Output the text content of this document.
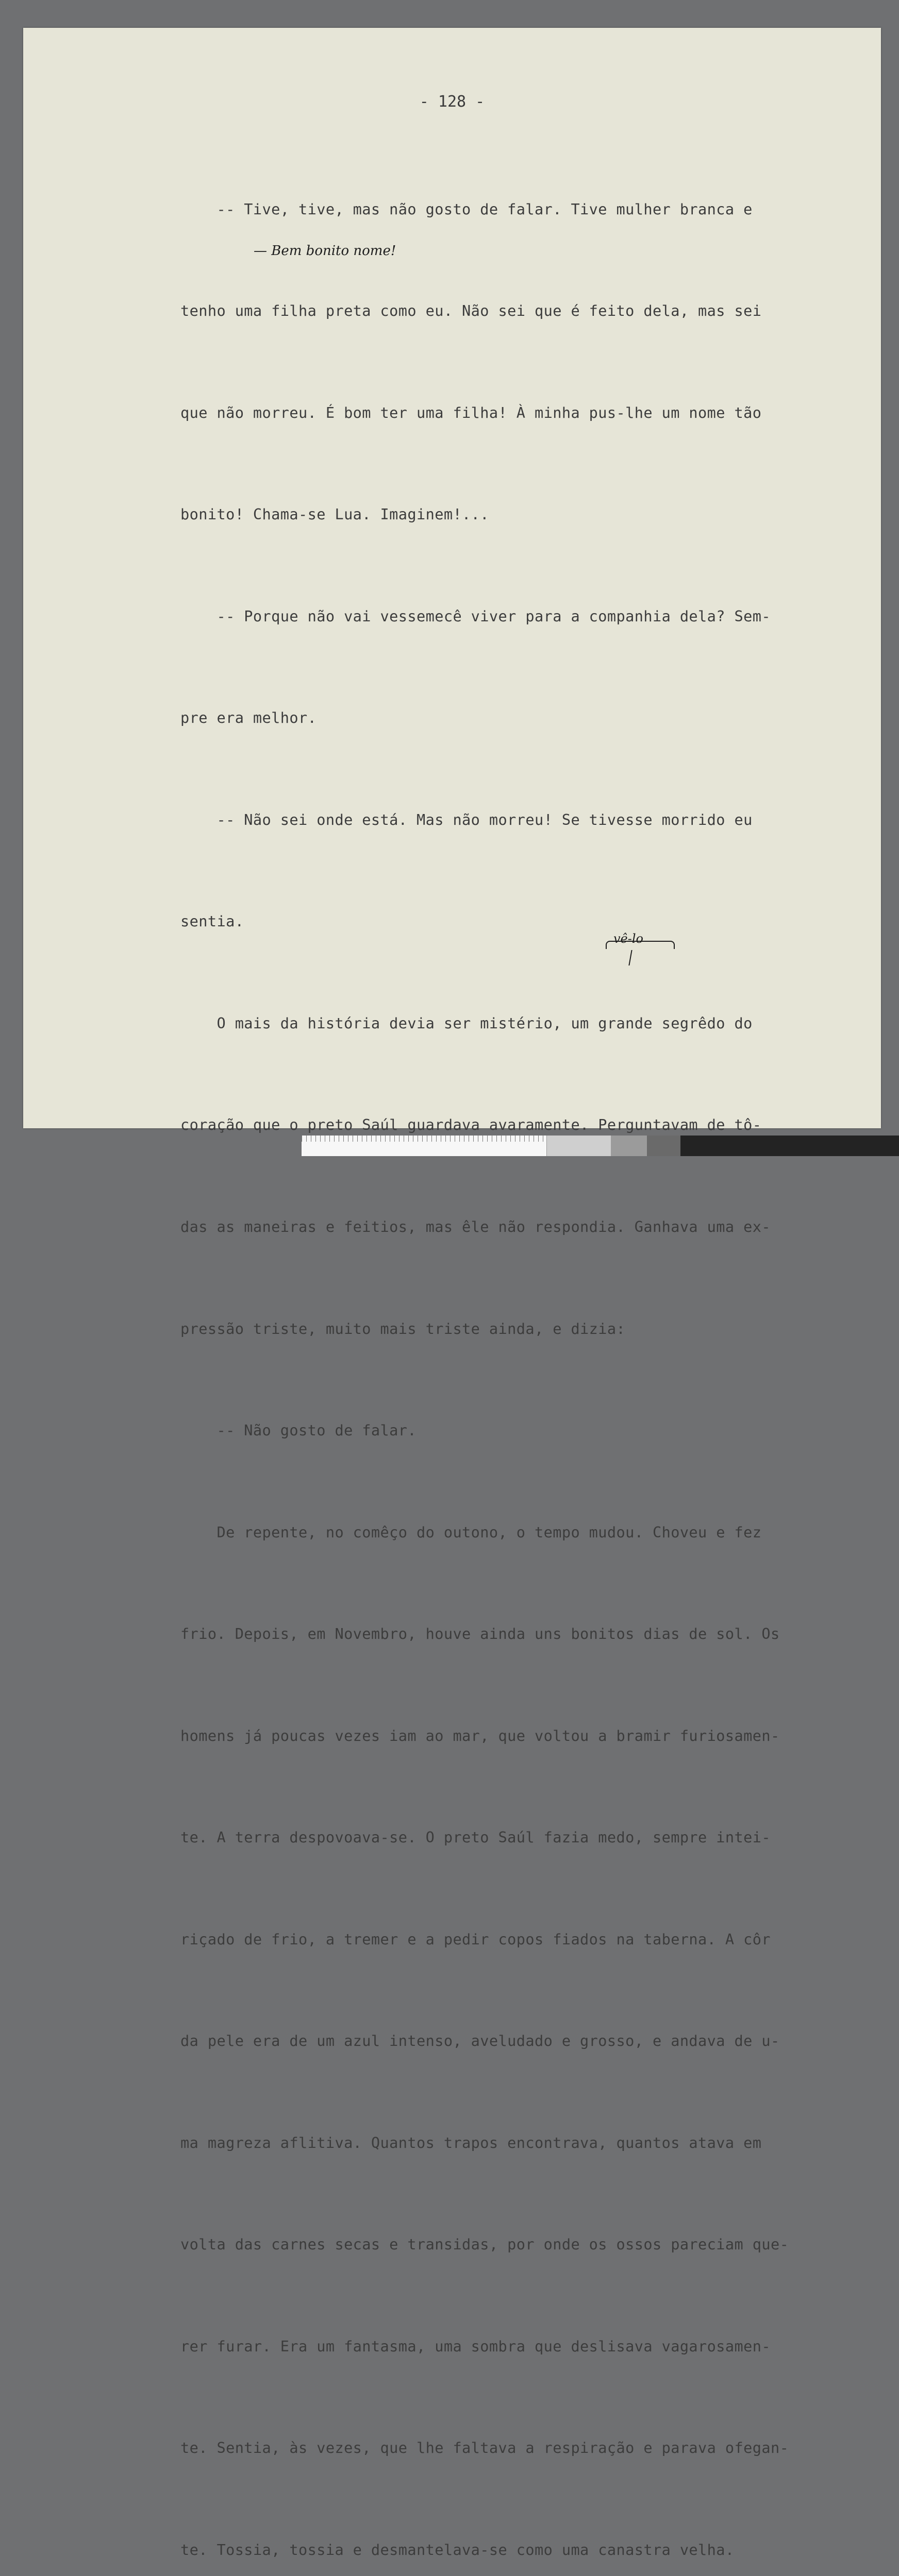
- 128 -

-- Tive, tive, mas não gosto de falar. Tive mulher branca e

tenho uma filha preta como eu. Não sei que é feito dela, mas sei

que não morreu. É bom ter uma filha! À minha pus-lhe um nome tão

bonito! Chama-se Lua. Imaginem!...

-- Porque não vai vessemecê viver para a companhia dela? Sem-

pre era melhor.

-- Não sei onde está. Mas não morreu! Se tivesse morrido eu

sentia.

O mais da história devia ser mistério, um grande segrêdo do

coração que o preto Saúl guardava avaramente. Perguntavam de tô-

das as maneiras e feitios, mas êle não respondia. Ganhava uma ex-

pressão triste, muito mais triste ainda, e dizia:

-- Não gosto de falar.

De repente, no comêço do outono, o tempo mudou. Choveu e fez

frio. Depois, em Novembro, houve ainda uns bonitos dias de sol. Os

homens já poucas vezes iam ao mar, que voltou a bramir furiosamen-

te. A terra despovoava-se. O preto Saúl fazia medo, sempre intei-

riçado de frio, a tremer e a pedir copos fiados na taberna. A côr

da pele era de um azul intenso, aveludado e grosso, e andava de u-

ma magreza aflitiva. Quantos trapos encontrava, quantos atava em

volta das carnes secas e transidas, por onde os ossos pareciam que-

rer furar. Era um fantasma, uma sombra que deslisava vagarosamen-

te. Sentia, às vezes, que lhe faltava a respiração e parava ofegan-

te. Tossia, tossia e desmantelava-se como uma canastra velha.

— Bem bonito nome!
vê-lo
